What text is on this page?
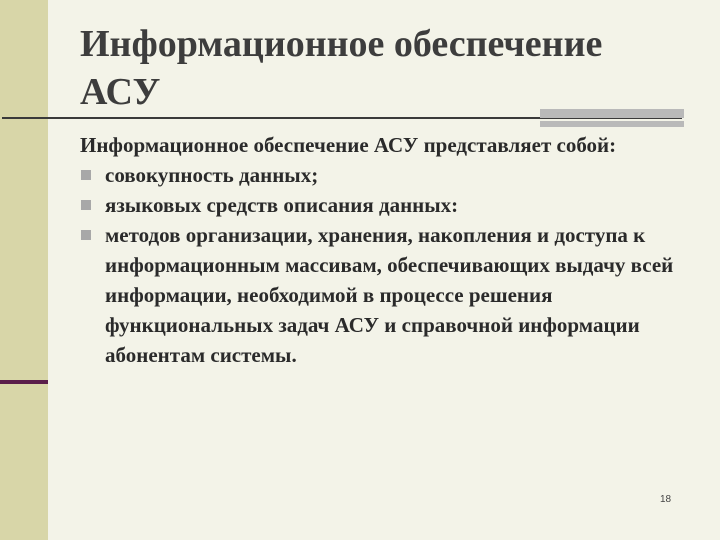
Информационное обеспечение АСУ
Информационное обеспечение АСУ представляет собой:
совокупность данных;
языковых средств описания данных:
методов организации, хранения, накопления и доступа к информационным массивам, обеспечивающих выдачу всей информации, необходимой в процессе решения функциональных задач АСУ и справочной информации абонентам системы.
18
